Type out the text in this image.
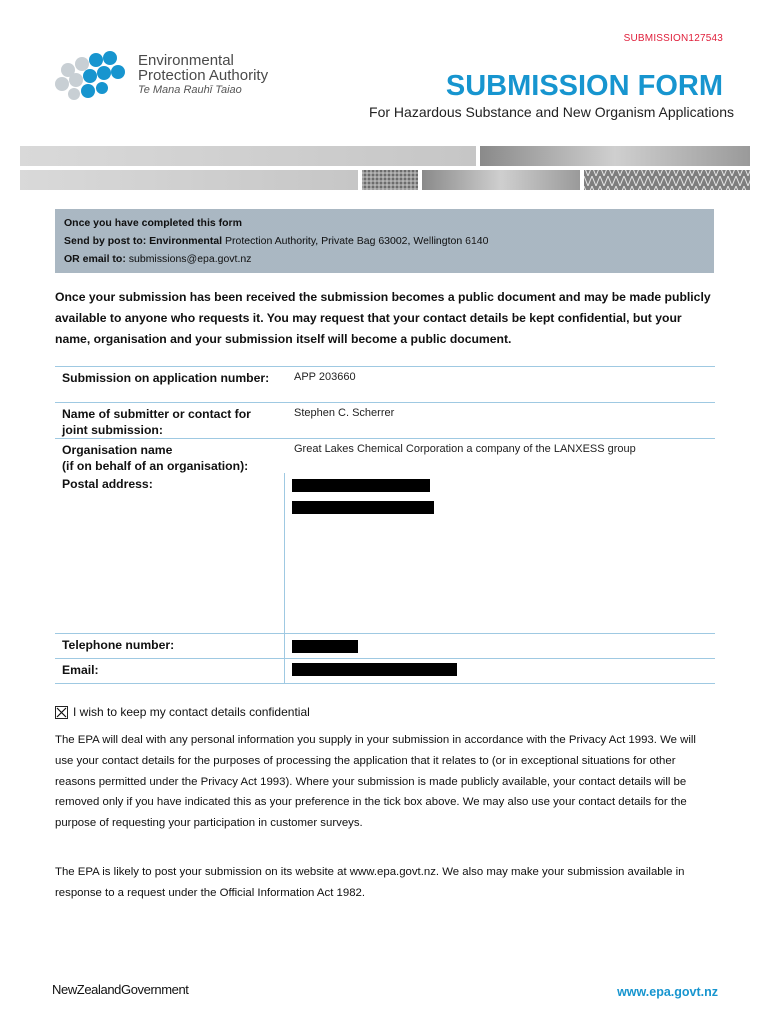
SUBMISSION127543
Environmental
Protection Authority
Te Mana Rauhī Taiao	SUBMISSION FORM
For Hazardous Substance and New Organism Applications

Once you have completed this form

Send by post to: Environmental Protection Authority, Private Bag 63002, Wellington 6140

OR email to: submissions@epa.govt.nz

Once your submission has been received the submission becomes a public document and may be made publicly available to anyone who requests it. You may request that your contact details be kept confidential, but your name, organisation and your submission itself will become a public document.
Submission on application number: APP 203660
Name of submitter or contact for joint submission:
Stephen C. Scherrer
Organisation name
(if on behalf of an organisation):
Great Lakes Chemical Corporation a company of the LANXESS group
Postal address:
Telephone number:
Email:
I wish to keep my contact details confidential
The EPA will deal with any personal information you supply in your submission in accordance with the Privacy Act 1993. We will use your contact details for the purposes of processing the application that it relates to (or in exceptional situations for other reasons permitted under the Privacy Act 1993). Where your submission is made publicly available, your contact details will be removed only if you have indicated this as your preference in the tick box above. We may also use your contact details for the purpose of requesting your participation in customer surveys.
The EPA is likely to post your submission on its website at www.epa.govt.nz. We also may make your submission available in response to a request under the Official Information Act 1982.
NewZealandGovernment	www.epa.govt.nz
